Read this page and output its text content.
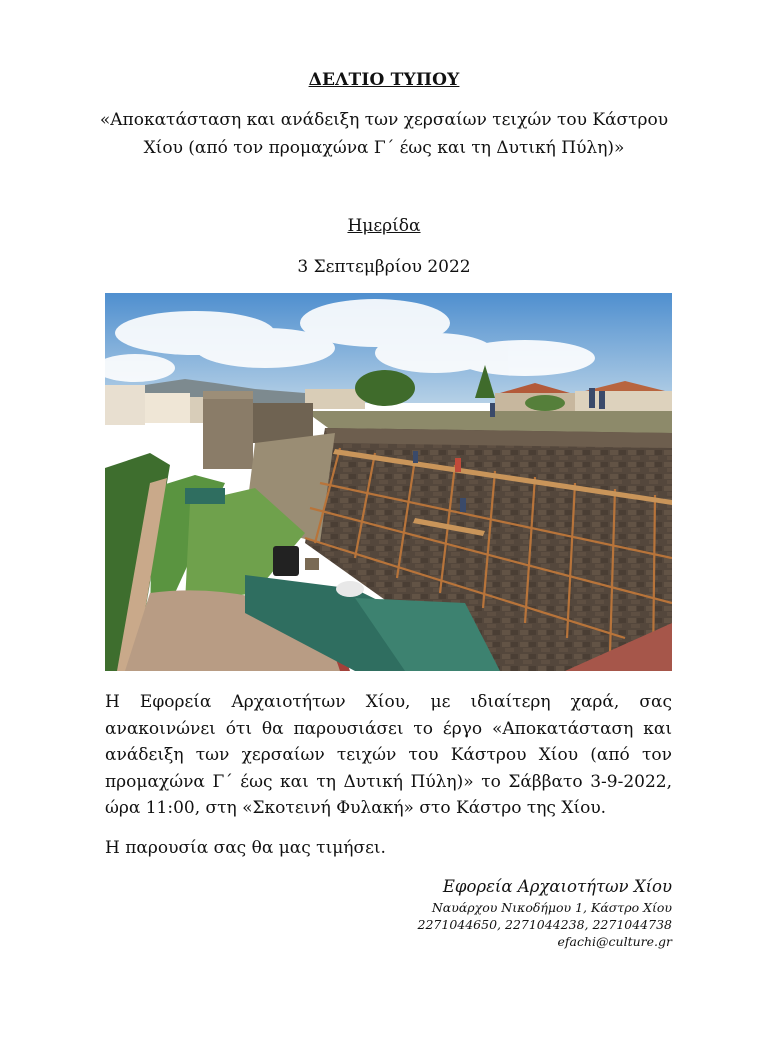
ΔΕΛΤΙΟ ΤΥΠΟΥ
«Αποκατάσταση και ανάδειξη των χερσαίων τειχών του Κάστρου
Χίου (από τον προμαχώνα Γ΄ έως και τη Δυτική Πύλη)»
Ημερίδα
3 Σεπτεμβρίου 2022
Η Εφορεία Αρχαιοτήτων Χίου, με ιδιαίτερη χαρά, σας ανακοινώνει ότι θα παρουσιάσει το έργο «Αποκατάσταση και ανάδειξη των χερσαίων τειχών του Κάστρου Χίου (από τον προμαχώνα Γ΄ έως και τη Δυτική Πύλη)» το Σάββατο 3-9-2022, ώρα 11:00, στη «Σκοτεινή Φυλακή» στο Κάστρο της Χίου.
Η παρουσία σας θα μας τιμήσει.
Εφορεία Αρχαιοτήτων Χίου
Ναυάρχου Νικοδήμου 1, Κάστρο Χίου
2271044650, 2271044238, 2271044738
efachi@culture.gr
